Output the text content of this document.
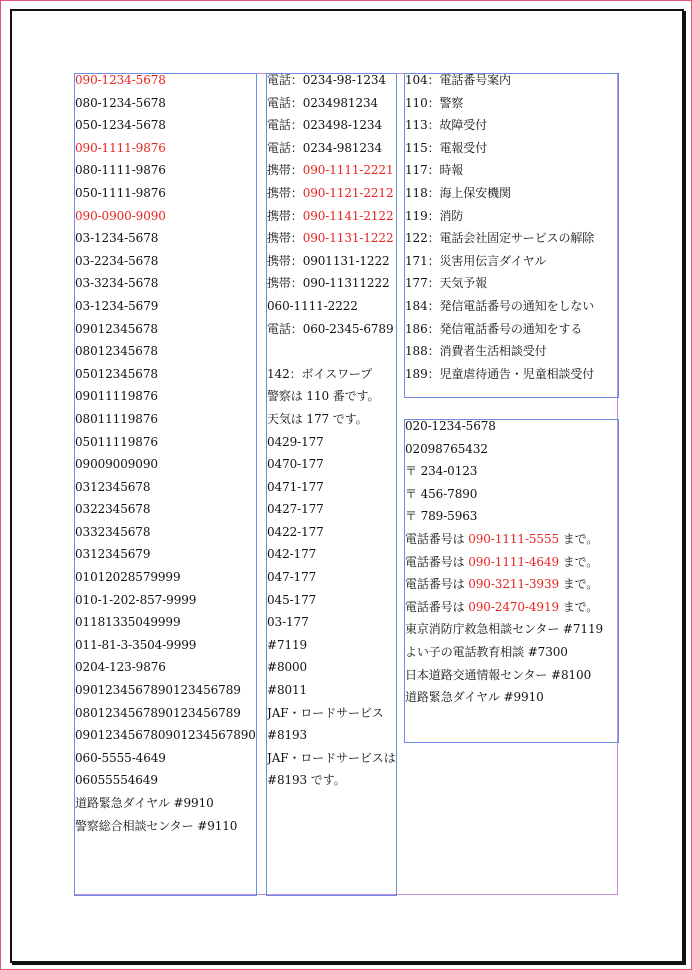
090-1234-5678
080-1234-5678
050-1234-5678
090-1111-9876
080-1111-9876
050-1111-9876
090-0900-9090
03-1234-5678
03-2234-5678
03-3234-5678
03-1234-5679
09012345678
08012345678
05012345678
09011119876
08011119876
05011119876
09009009090
0312345678
0322345678
0332345678
0312345679
01012028579999
010-1-202-857-9999
01181335049999
011-81-3-3504-9999
0204-123-9876
0901234567890123456789
0801234567890123456789
090123456780901234567890
060-5555-4649
06055554649
道路緊急ダイヤル #9910
警察総合相談センター #9110
電話：0234-98-1234
電話：0234981234
電話：023498-1234
電話：0234-981234
携帯：090-1111-2221
携帯：090-1121-2212
携帯：090-1141-2122
携帯：090-1131-1222
携帯：0901131-1222
携帯：090-11311222
060-1111-2222
電話：060-2345-6789

142：ボイスワープ
警察は 110 番です。
天気は 177 です。
0429-177
0470-177
0471-177
0427-177
0422-177
042-177
047-177
045-177
03-177
#7119
#8000
#8011
JAF・ロードサービス
#8193
JAF・ロードサービスは
#8193 です。
104：電話番号案内
110：警察
113：故障受付
115：電報受付
117：時報
118：海上保安機関
119：消防
122：電話会社固定サービスの解除
171：災害用伝言ダイヤル
177：天気予報
184：発信電話番号の通知をしない
186：発信電話番号の通知をする
188：消費者生活相談受付
189：児童虐待通告・児童相談受付
020-1234-5678
02098765432
〒 234-0123
〒 456-7890
〒 789-5963
電話番号は 090-1111-5555 まで。
電話番号は 090-1111-4649 まで。
電話番号は 090-3211-3939 まで。
電話番号は 090-2470-4919 まで。
東京消防庁救急相談センター #7119
よい子の電話教育相談 #7300
日本道路交通情報センター #8100
道路緊急ダイヤル #9910
